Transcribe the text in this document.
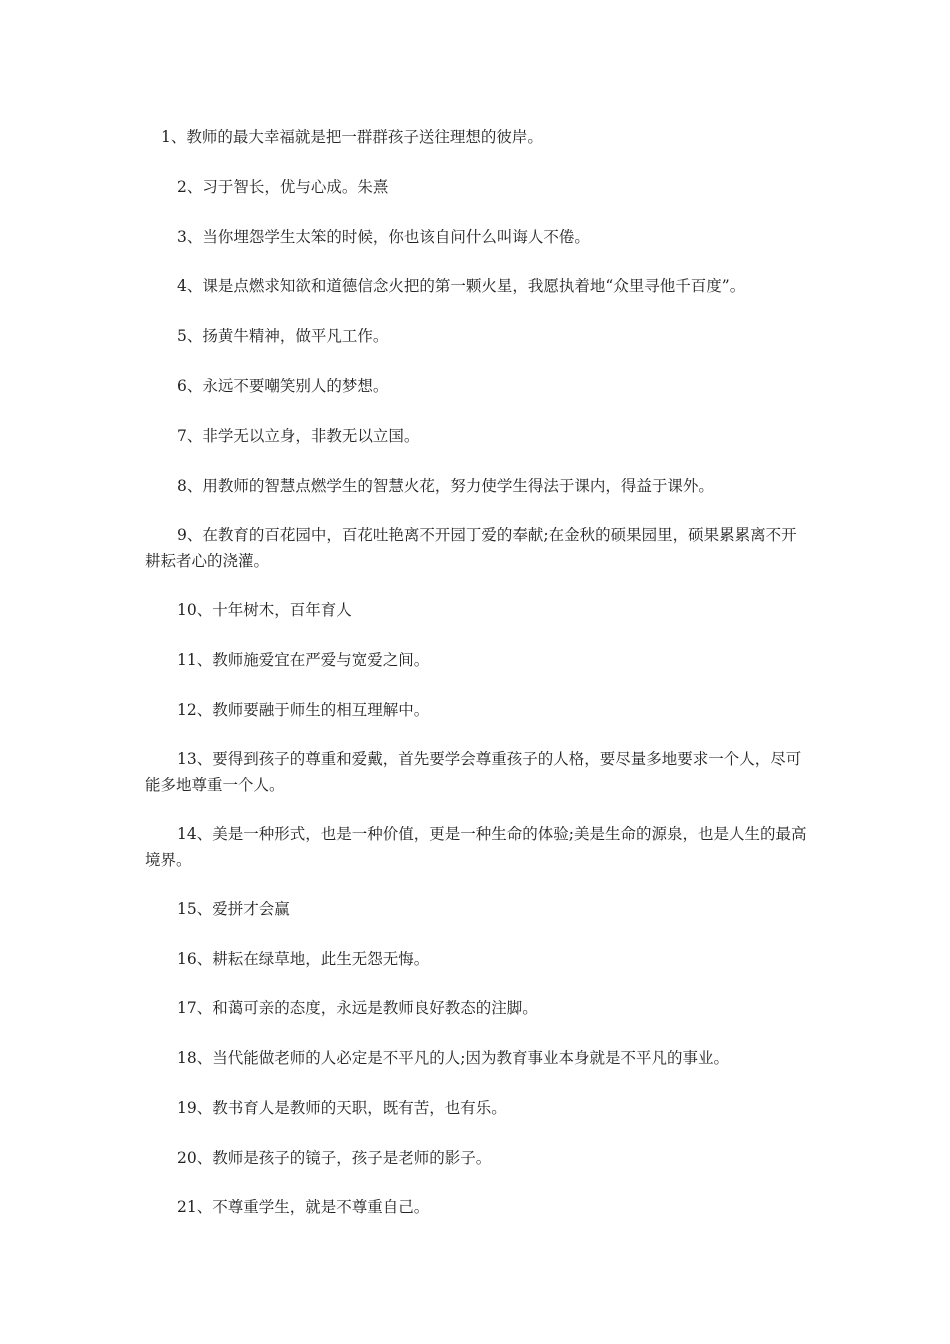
1、教师的最大幸福就是把一群群孩子送往理想的彼岸。

2、习于智长，优与心成。朱熹

3、当你埋怨学生太笨的时候，你也该自问什么叫诲人不倦。

4、课是点燃求知欲和道德信念火把的第一颗火星，我愿执着地“众里寻他千百度”。

5、扬黄牛精神，做平凡工作。

6、永远不要嘲笑别人的梦想。

7、非学无以立身，非教无以立国。

8、用教师的智慧点燃学生的智慧火花，努力使学生得法于课内，得益于课外。

9、在教育的百花园中，百花吐艳离不开园丁爱的奉献;在金秋的硕果园里，硕果累累离不开耕耘者心的浇灌。

10、十年树木，百年育人

11、教师施爱宜在严爱与宽爱之间。

12、教师要融于师生的相互理解中。

13、要得到孩子的尊重和爱戴，首先要学会尊重孩子的人格，要尽量多地要求一个人，尽可能多地尊重一个人。

14、美是一种形式，也是一种价值，更是一种生命的体验;美是生命的源泉，也是人生的最高境界。

15、爱拼才会赢

16、耕耘在绿草地，此生无怨无悔。

17、和蔼可亲的态度，永远是教师良好教态的注脚。

18、当代能做老师的人必定是不平凡的人;因为教育事业本身就是不平凡的事业。

19、教书育人是教师的天职，既有苦，也有乐。

20、教师是孩子的镜子，孩子是老师的影子。

21、不尊重学生，就是不尊重自己。
